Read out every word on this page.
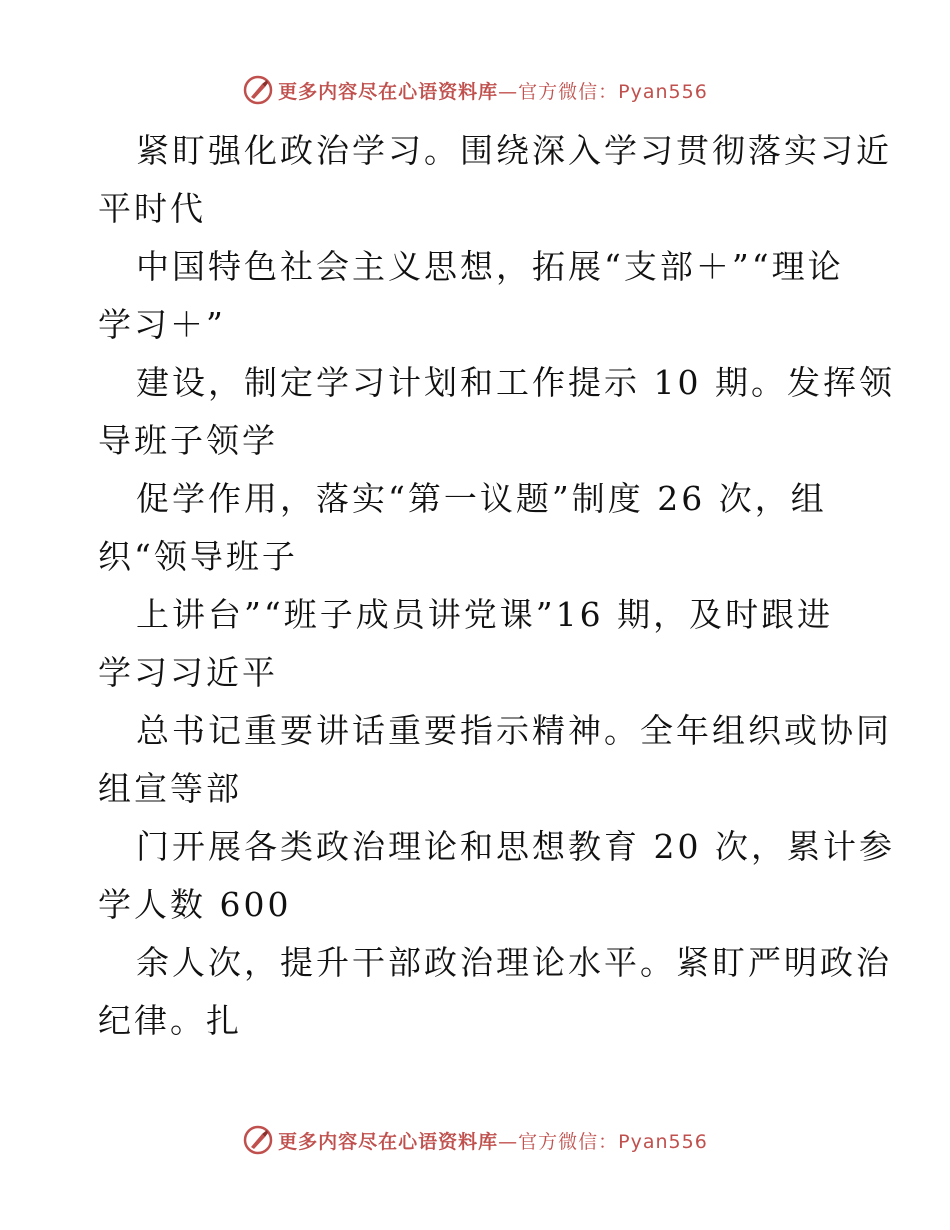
更多内容尽在心语资料库—官方微信：Pyan556
紧盯强化政治学习。围绕深入学习贯彻落实习近
平时代
中国特色社会主义思想，拓展“支部＋”“理论
学习＋”
建设，制定学习计划和工作提示 10 期。发挥领
导班子领学
促学作用，落实“第一议题”制度 26 次，组
织“领导班子
上讲台”“班子成员讲党课”16 期，及时跟进
学习习近平
总书记重要讲话重要指示精神。全年组织或协同
组宣等部
门开展各类政治理论和思想教育 20 次，累计参
学人数 600
余人次，提升干部政治理论水平。紧盯严明政治
纪律。扎
更多内容尽在心语资料库—官方微信：Pyan556
